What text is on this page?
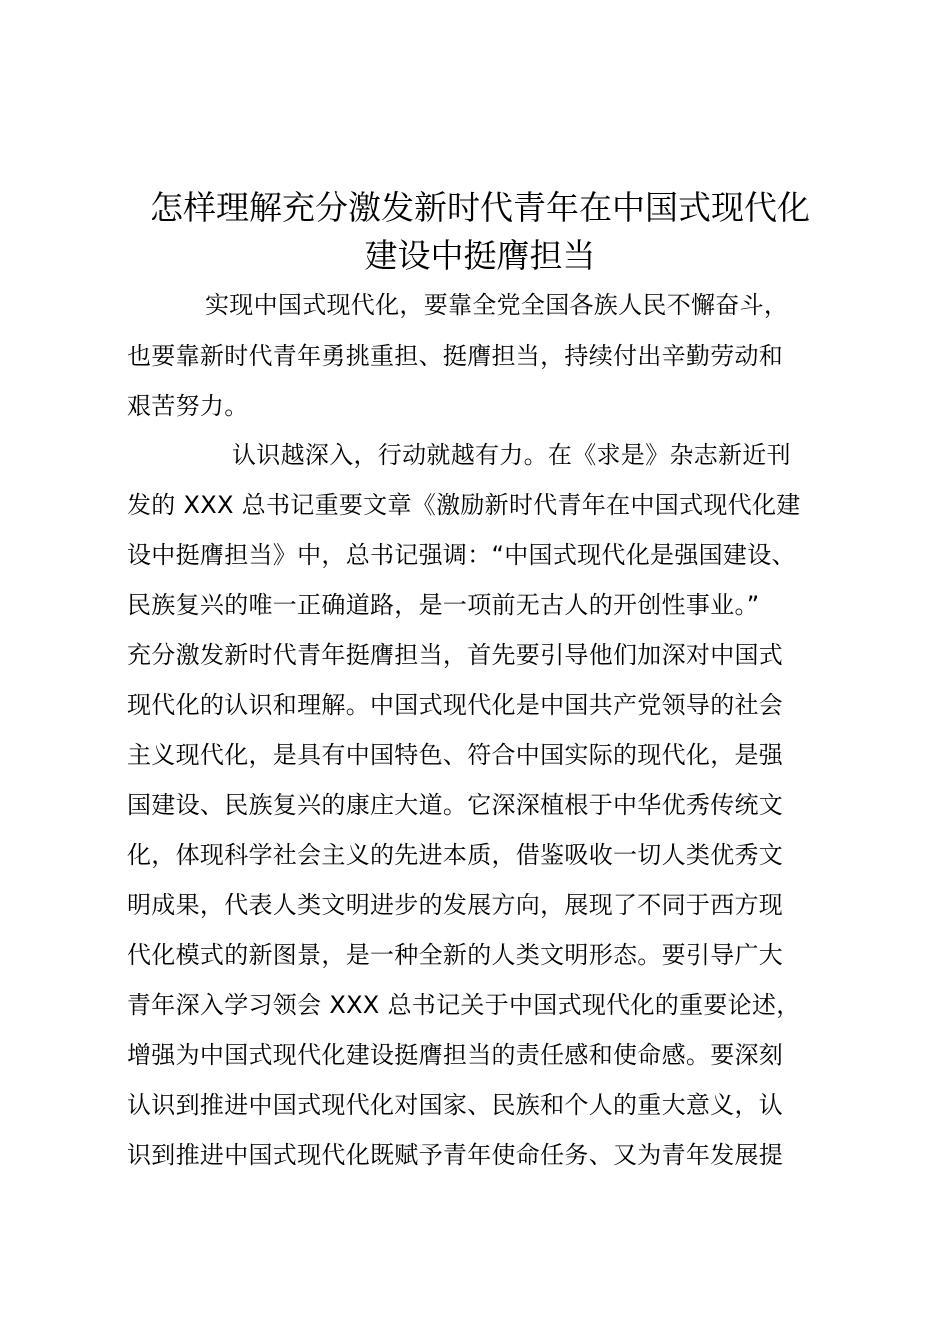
怎样理解充分激发新时代青年在中国式现代化
建设中挺膺担当
实现中国式现代化，要靠全党全国各族人民不懈奋斗，
也要靠新时代青年勇挑重担、挺膺担当，持续付出辛勤劳动和
艰苦努力。
认识越深入，行动就越有力。在《求是》杂志新近刊
发的 XXX 总书记重要文章《激励新时代青年在中国式现代化建
设中挺膺担当》中，总书记强调：“中国式现代化是强国建设、
民族复兴的唯一正确道路，是一项前无古人的开创性事业。”
充分激发新时代青年挺膺担当，首先要引导他们加深对中国式
现代化的认识和理解。中国式现代化是中国共产党领导的社会
主义现代化，是具有中国特色、符合中国实际的现代化，是强
国建设、民族复兴的康庄大道。它深深植根于中华优秀传统文
化，体现科学社会主义的先进本质，借鉴吸收一切人类优秀文
明成果，代表人类文明进步的发展方向，展现了不同于西方现
代化模式的新图景，是一种全新的人类文明形态。要引导广大
青年深入学习领会 XXX 总书记关于中国式现代化的重要论述，
增强为中国式现代化建设挺膺担当的责任感和使命感。要深刻
认识到推进中国式现代化对国家、民族和个人的重大意义，认
识到推进中国式现代化既赋予青年使命任务、又为青年发展提
